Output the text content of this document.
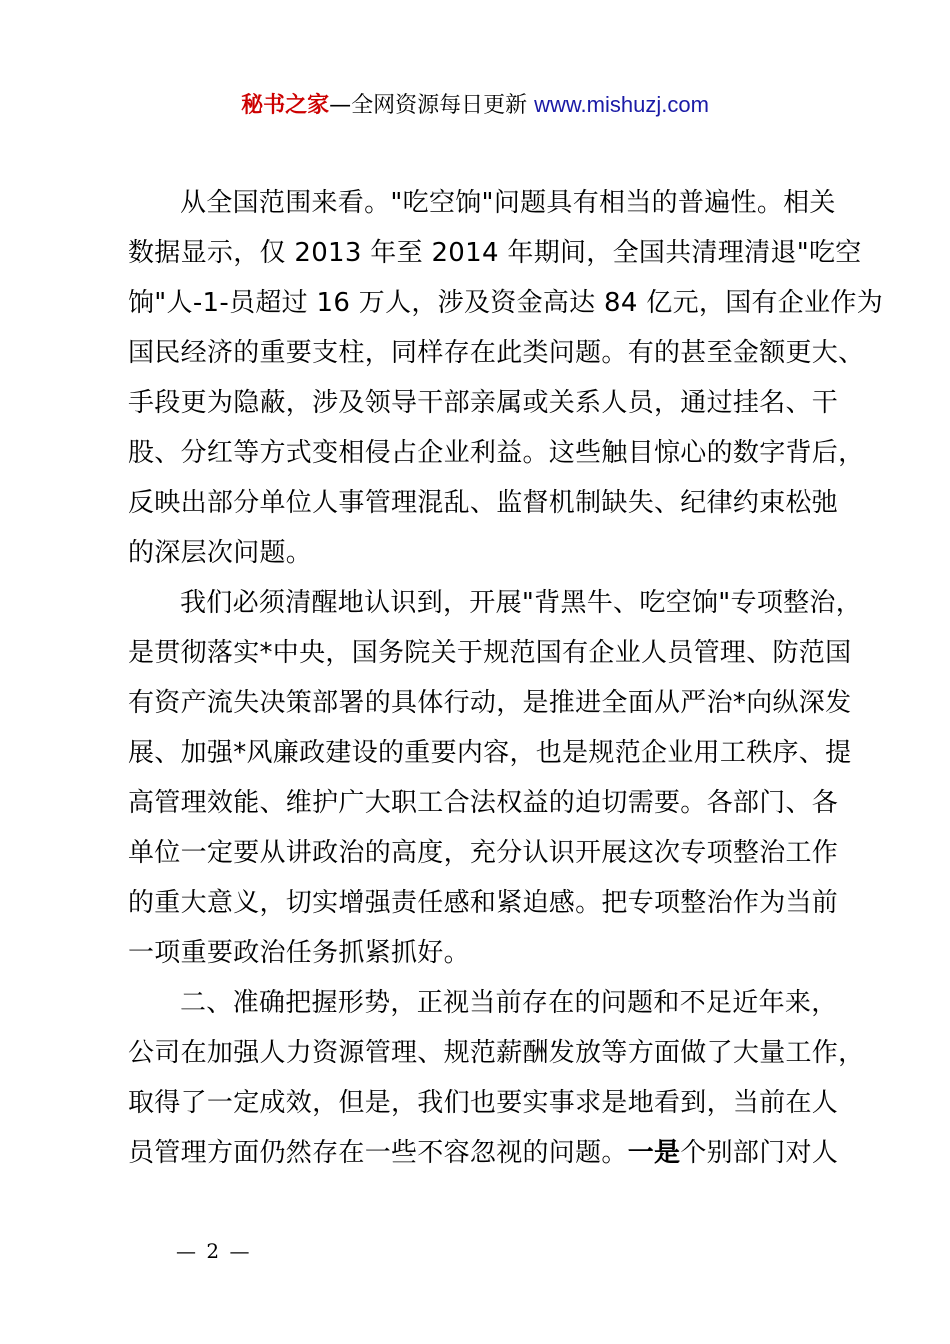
秘书之家—全网资源每日更新 www.mishuzj.com
从全国范围来看。"吃空饷"问题具有相当的普遍性。相关
数据显示，仅 2013 年至 2014 年期间，全国共清理清退"吃空
饷"人-1-员超过 16 万人，涉及资金高达 84 亿元，国有企业作为
国民经济的重要支柱，同样存在此类问题。有的甚至金额更大、
手段更为隐蔽，涉及领导干部亲属或关系人员，通过挂名、干
股、分红等方式变相侵占企业利益。这些触目惊心的数字背后，
反映出部分单位人事管理混乱、监督机制缺失、纪律约束松弛
的深层次问题。
我们必须清醒地认识到，开展"背黑牛、吃空饷"专项整治，
是贯彻落实*中央，国务院关于规范国有企业人员管理、防范国
有资产流失决策部署的具体行动，是推进全面从严治*向纵深发
展、加强*风廉政建设的重要内容，也是规范企业用工秩序、提
高管理效能、维护广大职工合法权益的迫切需要。各部门、各
单位一定要从讲政治的高度，充分认识开展这次专项整治工作
的重大意义，切实增强责任感和紧迫感。把专项整治作为当前
一项重要政治任务抓紧抓好。
二、准确把握形势，正视当前存在的问题和不足近年来，
公司在加强人力资源管理、规范薪酬发放等方面做了大量工作，
取得了一定成效，但是，我们也要实事求是地看到，当前在人
员管理方面仍然存在一些不容忽视的问题。一是个别部门对人
— 2 —
